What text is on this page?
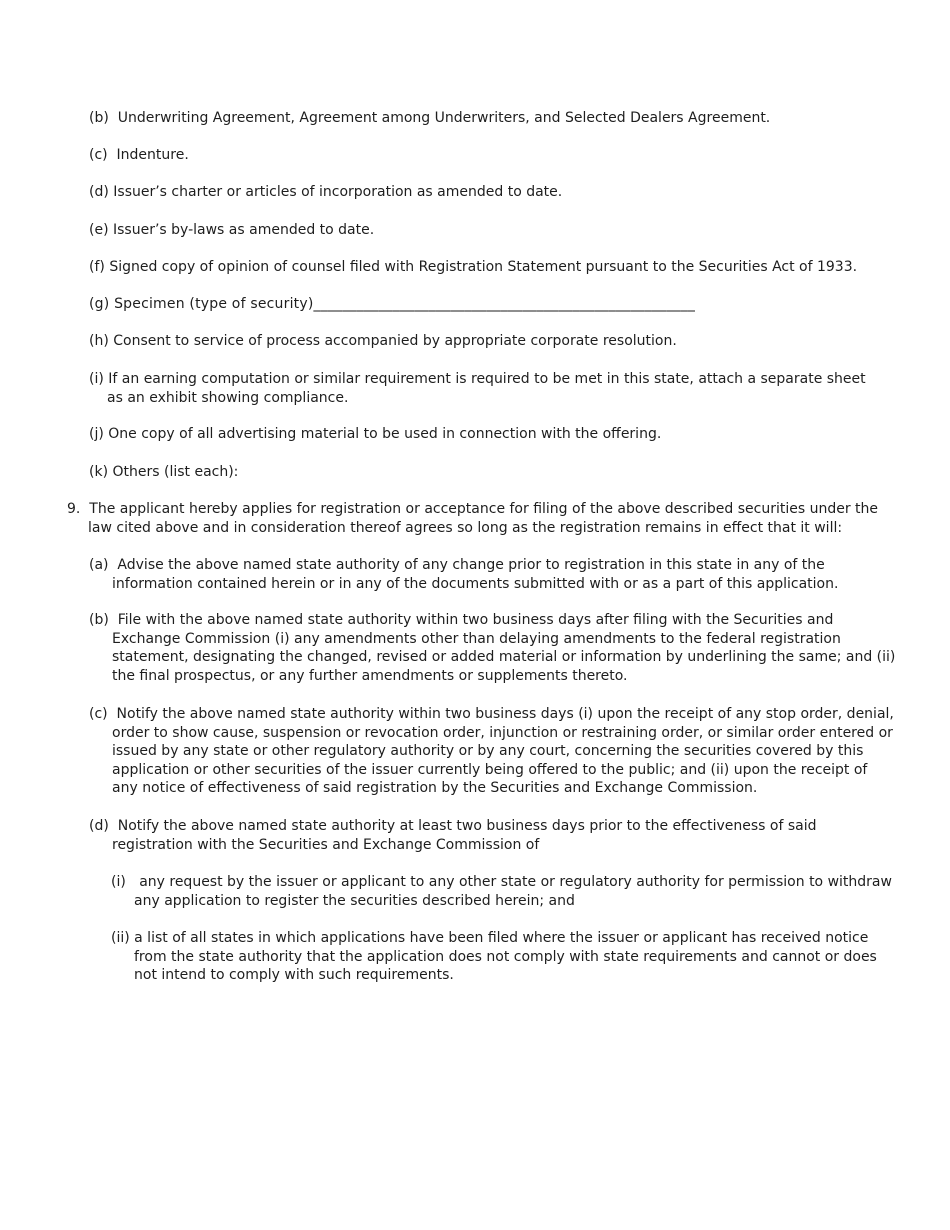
(b) Underwriting Agreement, Agreement among Underwriters, and Selected Dealers Agreement.
(c) Indenture.
(d) Issuer’s charter or articles of incorporation as amended to date.
(e) Issuer’s by-laws as amended to date.
(f) Signed copy of opinion of counsel filed with Registration Statement pursuant to the Securities Act of 1933.
(g) Specimen (type of security)_____________________________________________________
(h) Consent to service of process accompanied by appropriate corporate resolution.
(i) If an earning computation or similar requirement is required to be met in this state, attach a separate sheet as an exhibit showing compliance.
(j) One copy of all advertising material to be used in connection with the offering.
(k) Others (list each):
9. The applicant hereby applies for registration or acceptance for filing of the above described securities under the law cited above and in consideration thereof agrees so long as the registration remains in effect that it will:
(a) Advise the above named state authority of any change prior to registration in this state in any of the information contained herein or in any of the documents submitted with or as a part of this application.
(b) File with the above named state authority within two business days after filing with the Securities and Exchange Commission (i) any amendments other than delaying amendments to the federal registration statement, designating the changed, revised or added material or information by underlining the same; and (ii) the final prospectus, or any further amendments or supplements thereto.
(c) Notify the above named state authority within two business days (i) upon the receipt of any stop order, denial, order to show cause, suspension or revocation order, injunction or restraining order, or similar order entered or issued by any state or other regulatory authority or by any court, concerning the securities covered by this application or other securities of the issuer currently being offered to the public; and (ii) upon the receipt of any notice of effectiveness of said registration by the Securities and Exchange Commission.
(d) Notify the above named state authority at least two business days prior to the effectiveness of said registration with the Securities and Exchange Commission of
(i) any request by the issuer or applicant to any other state or regulatory authority for permission to withdraw any application to register the securities described herein; and
(ii) a list of all states in which applications have been filed where the issuer or applicant has received notice from the state authority that the application does not comply with state requirements and cannot or does not intend to comply with such requirements.
